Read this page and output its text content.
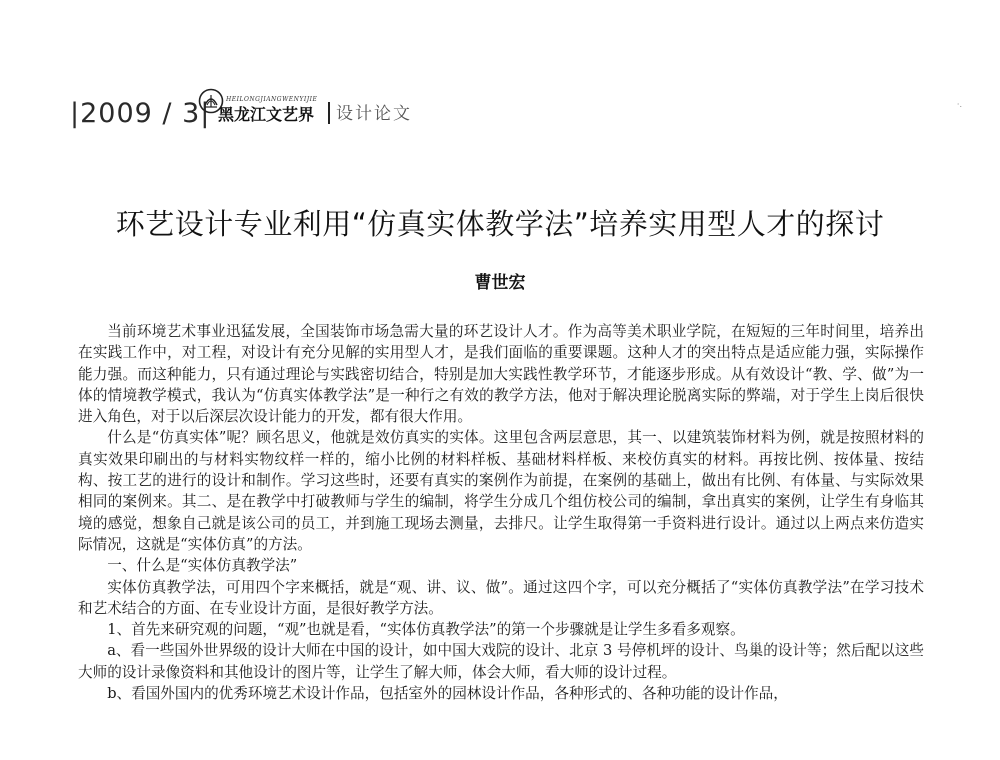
|2009 / 3|	HEILONGJIANGWENYIJIE
黑龙江文艺界 设计论文	·.
环艺设计专业利用“仿真实体教学法”培养实用型人才的探讨
曹世宏

当前环境艺术事业迅猛发展，全国装饰市场急需大量的环艺设计人才。作为高等美术职业学院，在短短的三年时间里，培养出在实践工作中，对工程，对设计有充分见解的实用型人才，是我们面临的重要课题。这种人才的突出特点是适应能力强，实际操作能力强。而这种能力，只有通过理论与实践密切结合，特别是加大实践性教学环节，才能逐步形成。从有效设计“教、学、做”为一体的情境教学模式，我认为“仿真实体教学法”是一种行之有效的教学方法，他对于解决理论脱离实际的弊端，对于学生上岗后很快进入角色，对于以后深层次设计能力的开发，都有很大作用。

什么是“仿真实体”呢？顾名思义，他就是效仿真实的实体。这里包含两层意思，其一、以建筑装饰材料为例，就是按照材料的真实效果印刷出的与材料实物纹样一样的，缩小比例的材料样板、基础材料样板、来校仿真实的材料。再按比例、按体量、按结构、按工艺的进行的设计和制作。学习这些时，还要有真实的案例作为前提，在案例的基础上，做出有比例、有体量、与实际效果相同的案例来。其二、是在教学中打破教师与学生的编制，将学生分成几个组仿校公司的编制，拿出真实的案例，让学生有身临其境的感觉，想象自己就是该公司的员工，并到施工现场去测量，去排尺。让学生取得第一手资料进行设计。通过以上两点来仿造实际情况，这就是“实体仿真”的方法。

一、什么是“实体仿真教学法”

实体仿真教学法，可用四个字来概括，就是“观、讲、议、做”。通过这四个字，可以充分概括了“实体仿真教学法”在学习技术和艺术结合的方面、在专业设计方面，是很好教学方法。

1、首先来研究观的问题，“观”也就是看，“实体仿真教学法”的第一个步骤就是让学生多看多观察。

a、看一些国外世界级的设计大师在中国的设计，如中国大戏院的设计、北京 3 号停机坪的设计、鸟巢的设计等；然后配以这些大师的设计录像资料和其他设计的图片等，让学生了解大师，体会大师，看大师的设计过程。

b、看国外国内的优秀环境艺术设计作品，包括室外的园林设计作品，各种形式的、各种功能的设计作品，
